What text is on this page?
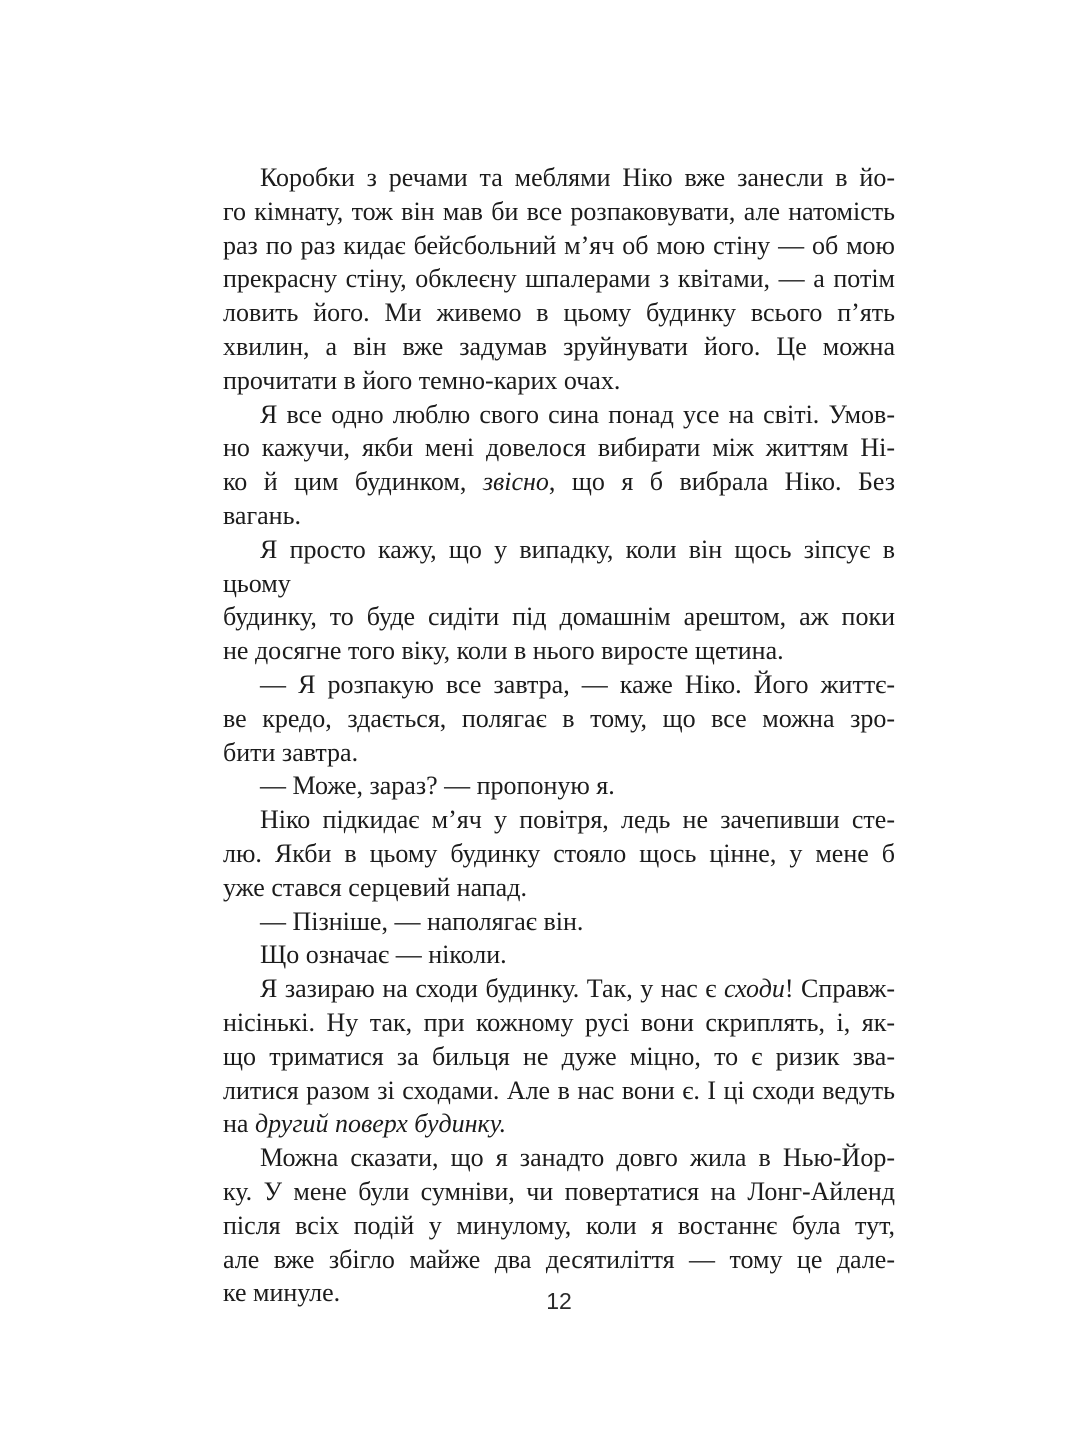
Коробки з речами та меблями Ніко вже занесли в йо-
го кімнату, тож він мав би все розпаковувати, але натомість
раз по раз кидає бейсбольний м’яч об мою стіну — об мою
прекрасну стіну, обклеєну шпалерами з квітами, — а потім
ловить його. Ми живемо в цьому будинку всього п’ять
хвилин, а він вже задумав зруйнувати його. Це можна
прочитати в його темно-карих очах.
Я все одно люблю свого сина понад усе на світі. Умов-
но кажучи, якби мені довелося вибирати між життям Ні-
ко й цим будинком, звісно, що я б вибрала Ніко. Без
вагань.
Я просто кажу, що у випадку, коли він щось зіпсує в цьому
будинку, то буде сидіти під домашнім арештом, аж поки
не досягне того віку, коли в нього виросте щетина.
— Я розпакую все завтра, — каже Ніко. Його життє-
ве кредо, здається, полягає в тому, що все можна зро-
бити завтра.
— Може, зараз? — пропоную я.
Ніко підкидає м’яч у повітря, ледь не зачепивши сте-
лю. Якби в цьому будинку стояло щось цінне, у мене б
уже стався серцевий напад.
— Пізніше, — наполягає він.
Що означає — ніколи.
Я зазираю на сходи будинку. Так, у нас є сходи! Справж-
нісінькі. Ну так, при кожному русі вони скриплять, і, як-
що триматися за бильця не дуже міцно, то є ризик зва-
литися разом зі сходами. Але в нас вони є. І ці сходи ведуть
на другий поверх будинку.
Можна сказати, що я занадто довго жила в Нью-Йор-
ку. У мене були сумніви, чи повертатися на Лонг-Айленд
після всіх подій у минулому, коли я востаннє була тут,
але вже збігло майже два десятиліття — тому це дале-
ке минуле.	12
